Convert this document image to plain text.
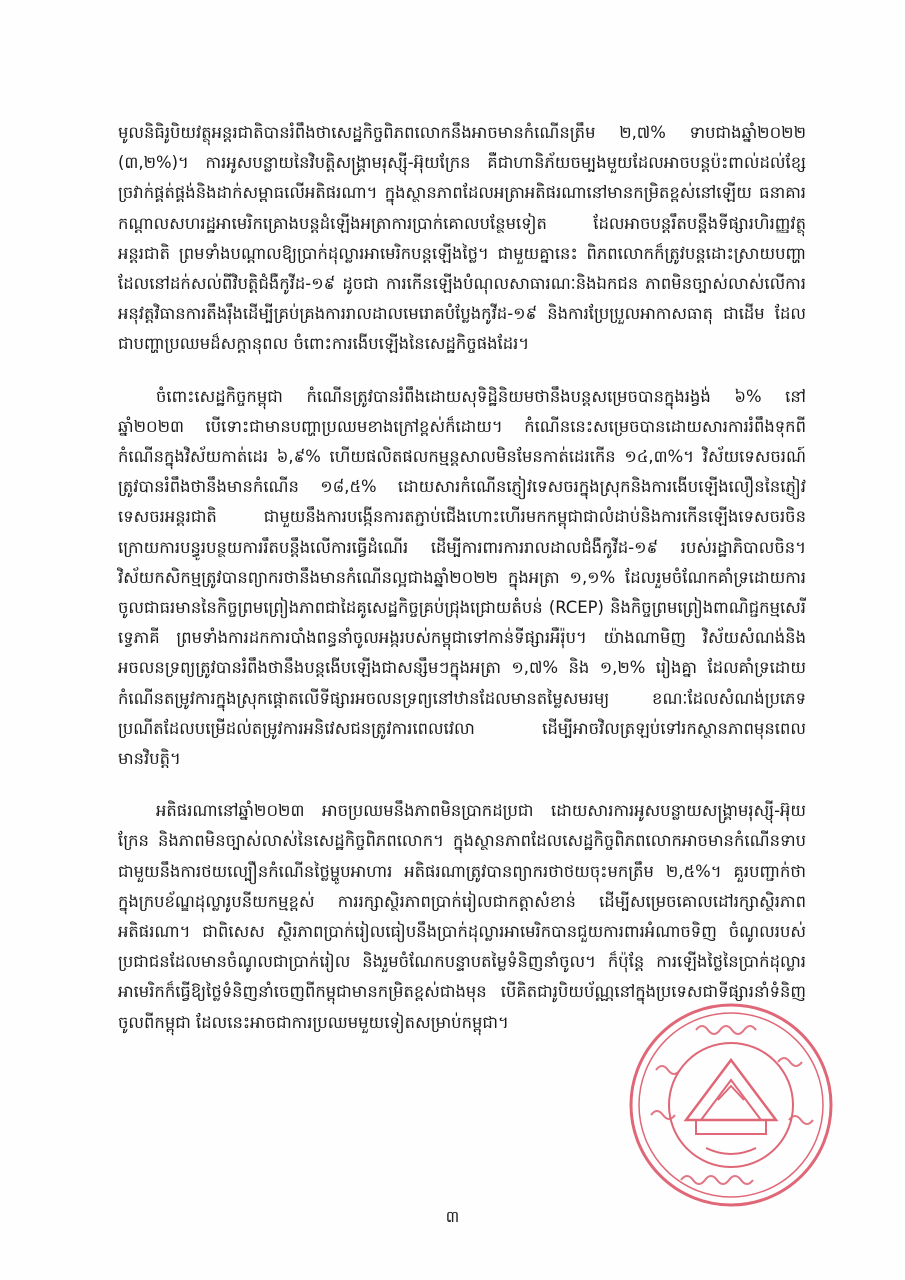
មូលនិធិរូបិយវត្ថុអន្តរជាតិបានរំពឹងថាសេដ្ឋកិច្ចពិភពលោកនឹងអាចមានកំណើនត្រឹម ២,៧% ទាបជាងឆ្នាំ២០២២ (៣,២%)។ ការអូសបន្លាយនៃវិបត្តិសង្គ្រាមរុស្ស៊ី-អ៊ុយក្រែន គឺជាហានិភ័យចម្បងមួយដែលអាចបន្តប៉ះពាល់ដល់ខ្សែច្រវាក់ផ្គត់ផ្គង់និងដាក់សម្ពាធលើអតិផរណា។ ក្នុងស្ថានភាពដែលអត្រាអតិផរណានៅមានកម្រិតខ្ពស់នៅឡើយ ធនាគារកណ្តាលសហរដ្ឋអាមេរិកគ្រោងបន្តដំឡើងអត្រាការប្រាក់គោលបន្ថែមទៀត ដែលអាចបន្តរឹតបន្តឹងទីផ្សារហិរញ្ញវត្ថុអន្តរជាតិ ព្រមទាំងបណ្តាលឱ្យប្រាក់ដុល្លារអាមេរិកបន្តឡើងថ្លៃ។ ជាមួយគ្នានេះ ពិភពលោកក៏ត្រូវបន្តដោះស្រាយបញ្ហាដែលនៅដក់សល់ពីវិបត្តិជំងឺកូវីដ-១៩ ដូចជា ការកើនឡើងបំណុលសាធារណៈនិងឯកជន ភាពមិនច្បាស់លាស់លើការអនុវត្តវិធានការតឹងរ៉ឹងដើម្បីគ្រប់គ្រងការរាលដាលមេរោគបំប្លែងកូវីដ-១៩ និងការប្រែប្រួលអាកាសធាតុ ជាដើម ដែលជាបញ្ហាប្រឈមដ៏សក្តានុពល ចំពោះការងើបឡើងនៃសេដ្ឋកិច្ចផងដែរ។

ចំពោះសេដ្ឋកិច្ចកម្ពុជា កំណើនត្រូវបានរំពឹងដោយសុទិដ្ឋិនិយមថានឹងបន្តសម្រេចបានក្នុងរង្វង់ ៦% នៅឆ្នាំ២០២៣ បើទោះជាមានបញ្ហាប្រឈមខាងក្រៅខ្ពស់ក៏ដោយ។ កំណើននេះសម្រេចបានដោយសារការរំពឹងទុកពីកំណើនក្នុងវិស័យកាត់ដេរ ៦,៩% ហើយផលិតផលកម្មន្តសាលមិនមែនកាត់ដេរកើន ១៤,៣%។ វិស័យទេសចរណ៍ត្រូវបានរំពឹងថានឹងមានកំណើន ១៨,៥% ដោយសារកំណើនភ្ញៀវទេសចរក្នុងស្រុកនិងការងើបឡើងលឿននៃភ្ញៀវទេសចរអន្តរជាតិ ជាមួយនឹងការបង្កើនការតភ្ជាប់ជើងហោះហើរមកកម្ពុជាជាលំដាប់និងការកើនឡើងទេសចរចិន ក្រោយការបន្ធូរបន្ថយការរឹតបន្តឹងលើការធ្វើដំណើរ ដើម្បីការពារការរាលដាលជំងឺកូវីដ-១៩ របស់រដ្ឋាភិបាលចិន។ វិស័យកសិកម្មត្រូវបានព្យាករថានឹងមានកំណើនល្អជាងឆ្នាំ២០២២ ក្នុងអត្រា ១,១% ដែលរួមចំណែកគាំទ្រដោយការចូលជាធរមាននៃកិច្ចព្រមព្រៀងភាពជាដៃគូសេដ្ឋកិច្ចគ្រប់ជ្រុងជ្រោយតំបន់ (RCEP) និងកិច្ចព្រមព្រៀងពាណិជ្ជកម្មសេរីទ្វេភាគី ព្រមទាំងការដកការបាំងពន្ធនាំចូលអង្ករបស់កម្ពុជាទៅកាន់ទីផ្សារអឺរ៉ុប។ យ៉ាងណាមិញ វិស័យសំណង់និងអចលនទ្រព្យត្រូវបានរំពឹងថានឹងបន្តងើបឡើងជាសន្សឹមៗក្នុងអត្រា ១,៧% និង ១,២% រៀងគ្នា ដែលគាំទ្រដោយកំណើនតម្រូវការក្នុងស្រុកផ្តោតលើទីផ្សារអចលនទ្រព្យនៅឋានដែលមានតម្លៃសមរម្យ ខណៈដែលសំណង់ប្រភេទប្រណីតដែលបម្រើដល់តម្រូវការអនិវេសជនត្រូវការពេលវេលា ដើម្បីអាចវិលត្រឡប់ទៅរកស្ថានភាពមុនពេលមានវិបត្តិ។

អតិផរណានៅឆ្នាំ២០២៣ អាចប្រឈមនឹងភាពមិនប្រាកដប្រជា ដោយសារការអូសបន្លាយសង្គ្រាមរុស្ស៊ី-អ៊ុយក្រែន និងភាពមិនច្បាស់លាស់នៃសេដ្ឋកិច្ចពិភពលោក។ ក្នុងស្ថានភាពដែលសេដ្ឋកិច្ចពិភពលោកអាចមានកំណើនទាបជាមួយនឹងការថយល្បឿនកំណើនថ្លៃម្ហូបអាហារ អតិផរណាត្រូវបានព្យាករថាថយចុះមកត្រឹម ២,៥%។ គួរបញ្ជាក់ថា ក្នុងក្របខ័ណ្ឌដុល្លារូបនីយកម្មខ្ពស់ ការរក្សាស្ថិរភាពប្រាក់រៀលជាកត្តាសំខាន់ ដើម្បីសម្រេចគោលដៅរក្សាស្ថិរភាពអតិផរណា។ ជាពិសេស ស្ថិរភាពប្រាក់រៀលធៀបនឹងប្រាក់ដុល្លារអាមេរិកបានជួយការពារអំណាចទិញ ចំណូលរបស់ប្រជាជនដែលមានចំណូលជាប្រាក់រៀល និងរួមចំណែកបន្ទាបតម្លៃទំនិញនាំចូល។ ក៏ប៉ុន្តែ ការឡើងថ្លៃនៃប្រាក់ដុល្លារអាមេរិកក៏ធ្វើឱ្យថ្លៃទំនិញនាំចេញពីកម្ពុជាមានកម្រិតខ្ពស់ជាងមុន បើគិតជារូបិយប័ណ្ណនៅក្នុងប្រទេសជាទីផ្សារនាំទំនិញចូលពីកម្ពុជា ដែលនេះអាចជាការប្រឈមមួយទៀតសម្រាប់កម្ពុជា។

៣
